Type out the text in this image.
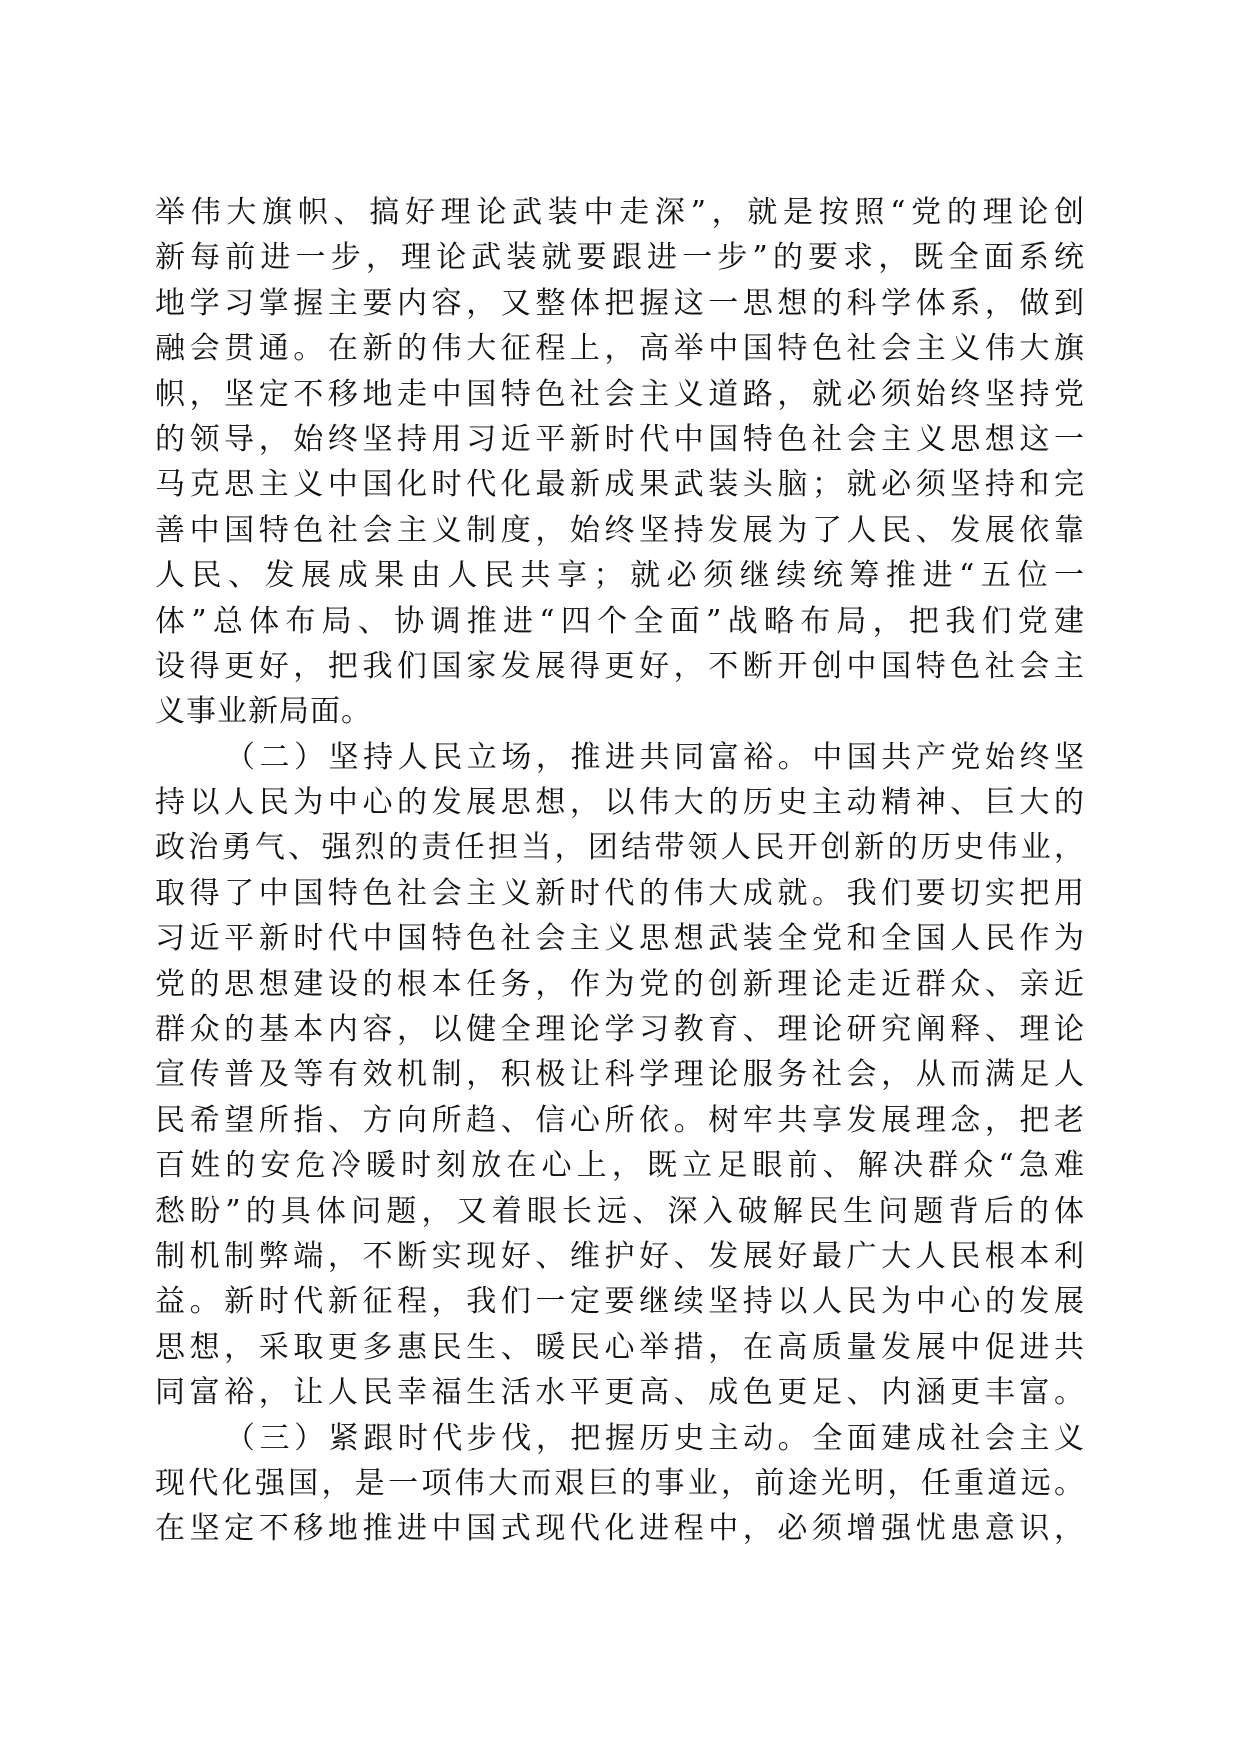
举伟大旗帜、搞好理论武装中走深”，就是按照“党的理论创
新每前进一步，理论武装就要跟进一步”的要求，既全面系统
地学习掌握主要内容，又整体把握这一思想的科学体系，做到
融会贯通。在新的伟大征程上，高举中国特色社会主义伟大旗
帜，坚定不移地走中国特色社会主义道路，就必须始终坚持党
的领导，始终坚持用习近平新时代中国特色社会主义思想这一
马克思主义中国化时代化最新成果武装头脑；就必须坚持和完
善中国特色社会主义制度，始终坚持发展为了人民、发展依靠
人民、发展成果由人民共享；就必须继续统筹推进“五位一
体”总体布局、协调推进“四个全面”战略布局，把我们党建
设得更好，把我们国家发展得更好，不断开创中国特色社会主
义事业新局面。
（二）坚持人民立场，推进共同富裕。中国共产党始终坚
持以人民为中心的发展思想，以伟大的历史主动精神、巨大的
政治勇气、强烈的责任担当，团结带领人民开创新的历史伟业，
取得了中国特色社会主义新时代的伟大成就。我们要切实把用
习近平新时代中国特色社会主义思想武装全党和全国人民作为
党的思想建设的根本任务，作为党的创新理论走近群众、亲近
群众的基本内容，以健全理论学习教育、理论研究阐释、理论
宣传普及等有效机制，积极让科学理论服务社会，从而满足人
民希望所指、方向所趋、信心所依。树牢共享发展理念，把老
百姓的安危冷暖时刻放在心上，既立足眼前、解决群众“急难
愁盼”的具体问题，又着眼长远、深入破解民生问题背后的体
制机制弊端，不断实现好、维护好、发展好最广大人民根本利
益。新时代新征程，我们一定要继续坚持以人民为中心的发展
思想，采取更多惠民生、暖民心举措，在高质量发展中促进共
同富裕，让人民幸福生活水平更高、成色更足、内涵更丰富。
（三）紧跟时代步伐，把握历史主动。全面建成社会主义
现代化强国，是一项伟大而艰巨的事业，前途光明，任重道远。
在坚定不移地推进中国式现代化进程中，必须增强忧患意识，
